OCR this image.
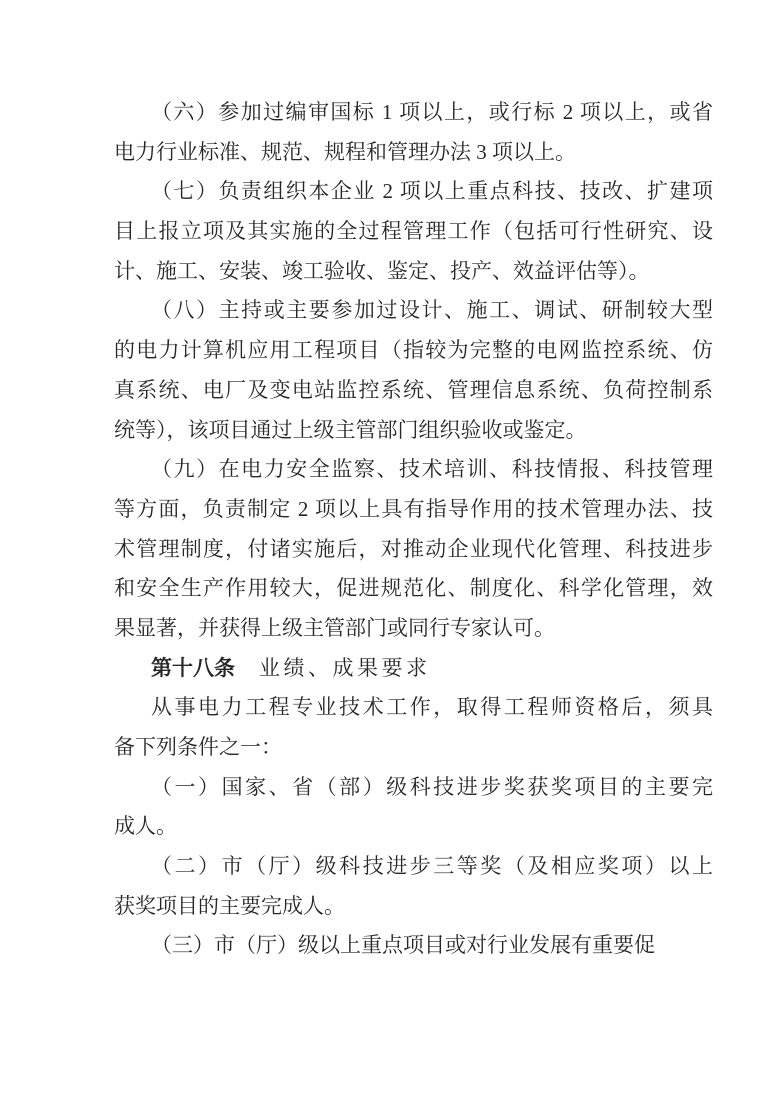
（六）参加过编审国标 1 项以上，或行标 2 项以上，或省
电力行业标准、规范、规程和管理办法 3 项以上。
（七）负责组织本企业 2 项以上重点科技、技改、扩建项
目上报立项及其实施的全过程管理工作（包括可行性研究、设
计、施工、安装、竣工验收、鉴定、投产、效益评估等）。
（八）主持或主要参加过设计、施工、调试、研制较大型
的电力计算机应用工程项目（指较为完整的电网监控系统、仿
真系统、电厂及变电站监控系统、管理信息系统、负荷控制系
统等），该项目通过上级主管部门组织验收或鉴定。
（九）在电力安全监察、技术培训、科技情报、科技管理
等方面，负责制定 2 项以上具有指导作用的技术管理办法、技
术管理制度，付诸实施后，对推动企业现代化管理、科技进步
和安全生产作用较大，促进规范化、制度化、科学化管理，效
果显著，并获得上级主管部门或同行专家认可。
第十八条 业绩、成果要求
从事电力工程专业技术工作，取得工程师资格后，须具
备下列条件之一：
（一）国家、省（部）级科技进步奖获奖项目的主要完
成人。
（二）市（厅）级科技进步三等奖（及相应奖项）以上
获奖项目的主要完成人。
（三）市（厅）级以上重点项目或对行业发展有重要促
